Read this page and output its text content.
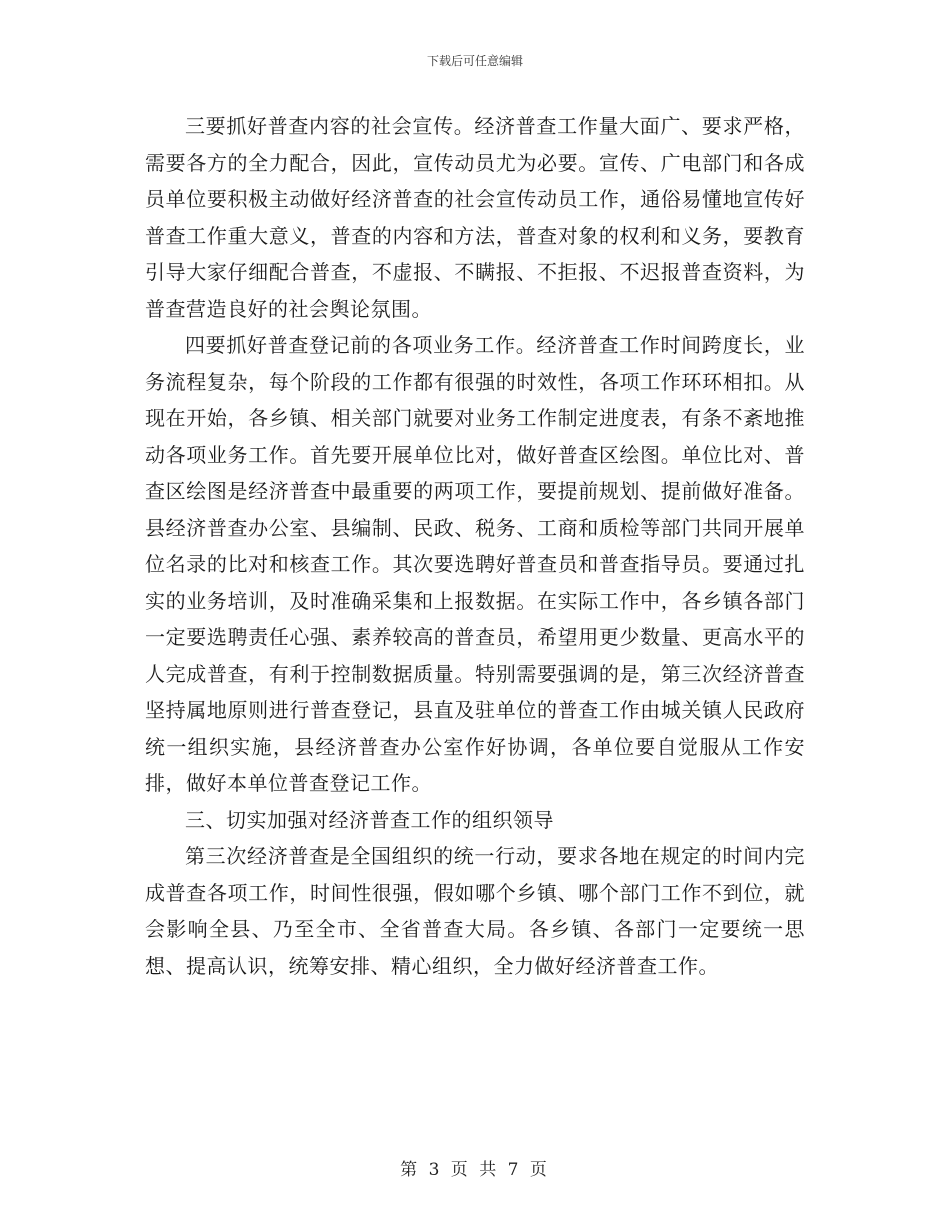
下载后可任意编辑

三要抓好普查内容的社会宣传。经济普查工作量大面广、要求严格，需要各方的全力配合，因此，宣传动员尤为必要。宣传、广电部门和各成员单位要积极主动做好经济普查的社会宣传动员工作，通俗易懂地宣传好普查工作重大意义，普查的内容和方法，普查对象的权利和义务，要教育引导大家仔细配合普查，不虚报、不瞒报、不拒报、不迟报普查资料，为普查营造良好的社会舆论氛围。

四要抓好普查登记前的各项业务工作。经济普查工作时间跨度长，业务流程复杂，每个阶段的工作都有很强的时效性，各项工作环环相扣。从现在开始，各乡镇、相关部门就要对业务工作制定进度表，有条不紊地推动各项业务工作。首先要开展单位比对，做好普查区绘图。单位比对、普查区绘图是经济普查中最重要的两项工作，要提前规划、提前做好准备。县经济普查办公室、县编制、民政、税务、工商和质检等部门共同开展单位名录的比对和核查工作。其次要选聘好普查员和普查指导员。要通过扎实的业务培训，及时准确采集和上报数据。在实际工作中，各乡镇各部门一定要选聘责任心强、素养较高的普查员，希望用更少数量、更高水平的人完成普查，有利于控制数据质量。特别需要强调的是，第三次经济普查坚持属地原则进行普查登记，县直及驻单位的普查工作由城关镇人民政府统一组织实施，县经济普查办公室作好协调，各单位要自觉服从工作安排，做好本单位普查登记工作。

三、切实加强对经济普查工作的组织领导

第三次经济普查是全国组织的统一行动，要求各地在规定的时间内完成普查各项工作，时间性很强，假如哪个乡镇、哪个部门工作不到位，就会影响全县、乃至全市、全省普查大局。各乡镇、各部门一定要统一思想、提高认识，统筹安排、精心组织，全力做好经济普查工作。

第 3 页 共 7 页
